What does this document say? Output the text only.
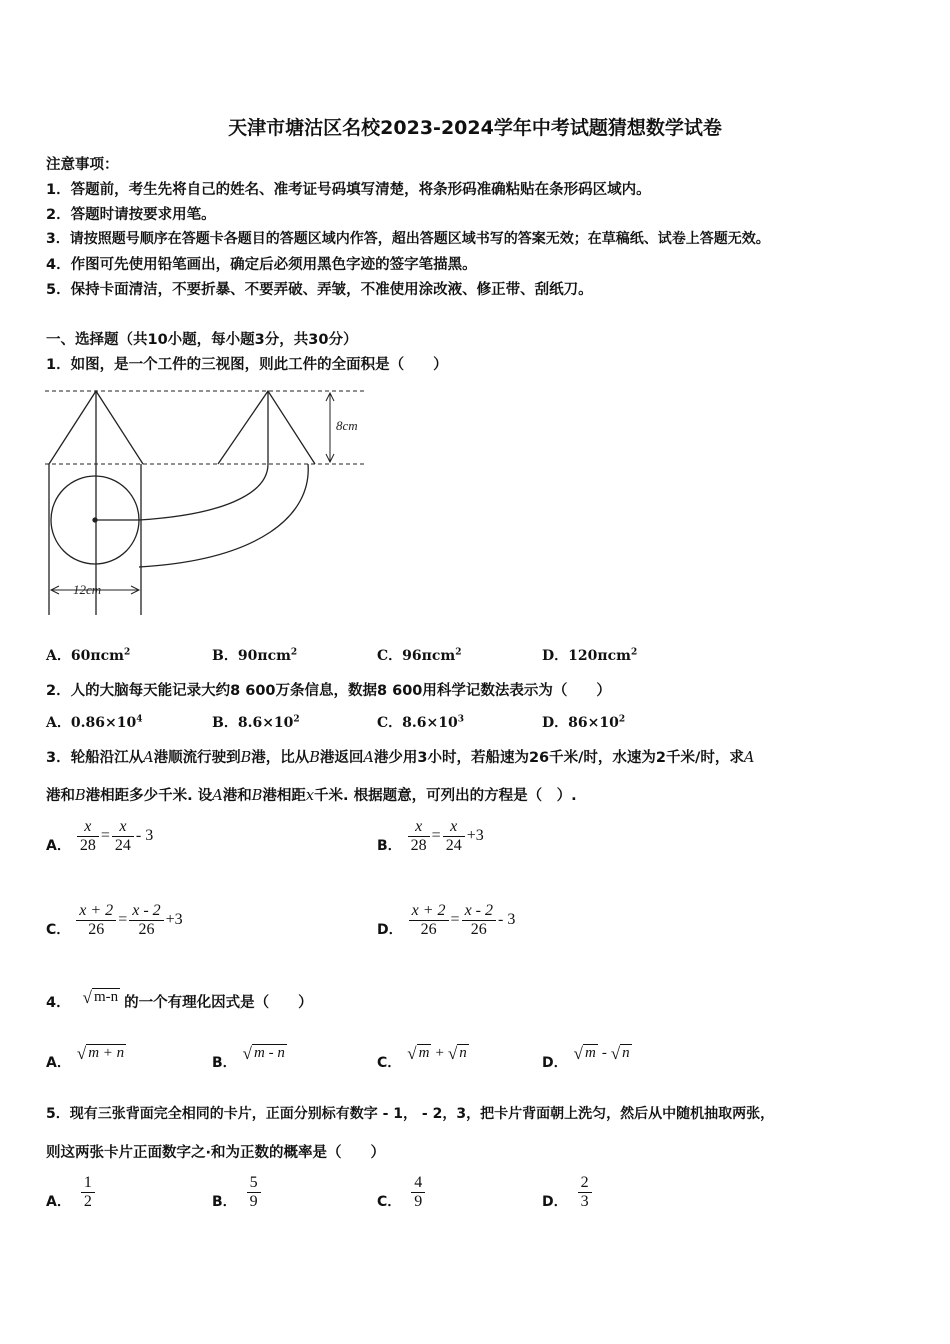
天津市塘沽区名校2023-2024学年中考试题猜想数学试卷
注意事项：
1．答题前，考生先将自己的姓名、准考证号码填写清楚，将条形码准确粘贴在条形码区域内。
2．答题时请按要求用笔。
3．请按照题号顺序在答题卡各题目的答题区域内作答，超出答题区域书写的答案无效；在草稿纸、试卷上答题无效。
4．作图可先使用铅笔画出，确定后必须用黑色字迹的签字笔描黑。
5．保持卡面清洁，不要折暴、不要弄破、弄皱，不准使用涂改液、修正带、刮纸刀。
一、选择题（共10小题，每小题3分，共30分）
1．如图，是一个工件的三视图，则此工件的全面积是（　　）
8cm
12cm
A．60πcm$^2$	B．90πcm$^2$	C．96πcm$^2$	D．120πcm$^2$
2．人的大脑每天能记录大约8 600万条信息，数据8 600用科学记数法表示为（　　）
A．$0.86\times 10^4$	B．$8.6\times 10^2$	C．$8.6\times 10^3$	D．$86\times 10^2$
3．轮船沿江从A港顺流行驶到B港，比从B港返回A港少用3小时，若船速为26千米/时，水速为2千米/时，求A
港和B港相距多少千米. 设A港和B港相距x千米. 根据题意，可列出的方程是（　）.
A． $\frac{x}{28} = \frac{x}{24} - 3$
B． $\frac{x}{28} = \frac{x}{24} +3$
C． $\frac{x + 2}{26} = \frac{x - 2}{26} +3$
D． $\frac{x + 2}{26} = \frac{x - 2}{26} - 3$
4． √ m-n 的一个有理化因式是（　　）
A． √ m + n
B． √ m - n
C． √ m + √ n
D． √ m - √ n
5．现有三张背面完全相同的卡片，正面分别标有数字 - 1， - 2，3，把卡片背面朝上洗匀，然后从中随机抽取两张，
则这两张卡片正面数字之·和为正数的概率是（　　）
A． $\frac{1}{2}$	B． $\frac{5}{9}$	C． $\frac{4}{9}$	D． $\frac{2}{3}$
